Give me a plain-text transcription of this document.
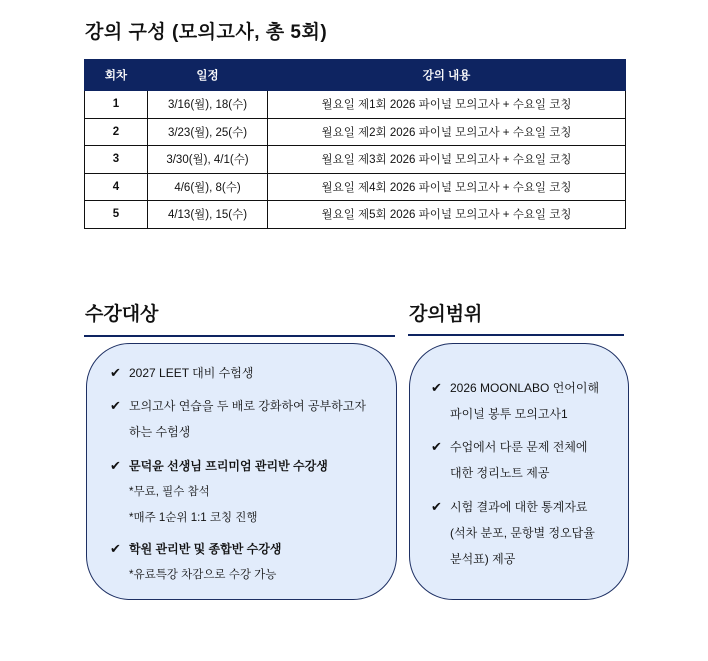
강의 구성 (모의고사, 총 5회)
회차	일정	강의 내용
1	3/16(월), 18(수)	월요일 제1회 2026 파이널 모의고사 + 수요일 코칭
2	3/23(월), 25(수)	월요일 제2회 2026 파이널 모의고사 + 수요일 코칭
3	3/30(월), 4/1(수)	월요일 제3회 2026 파이널 모의고사 + 수요일 코칭
4	4/6(월), 8(수)	월요일 제4회 2026 파이널 모의고사 + 수요일 코칭
5	4/13(월), 15(수)	월요일 제5회 2026 파이널 모의고사 + 수요일 코칭
수강대상
✔ 2027 LEET 대비 수험생
✔ 모의고사 연습을 두 배로 강화하여 공부하고자
하는 수험생
✔ 문덕윤 선생님 프리미엄 관리반 수강생
*무료, 필수 참석
*매주 1순위 1:1 코칭 진행
✔ 학원 관리반 및 종합반 수강생
*유료특강 차감으로 수강 가능
강의범위
✔ 2026 MOONLABO 언어이해
파이널 봉투 모의고사1
✔ 수업에서 다룬 문제 전체에
대한 정리노트 제공
✔ 시험 결과에 대한 통계자료
(석차 분포, 문항별 정오답율
분석표) 제공
